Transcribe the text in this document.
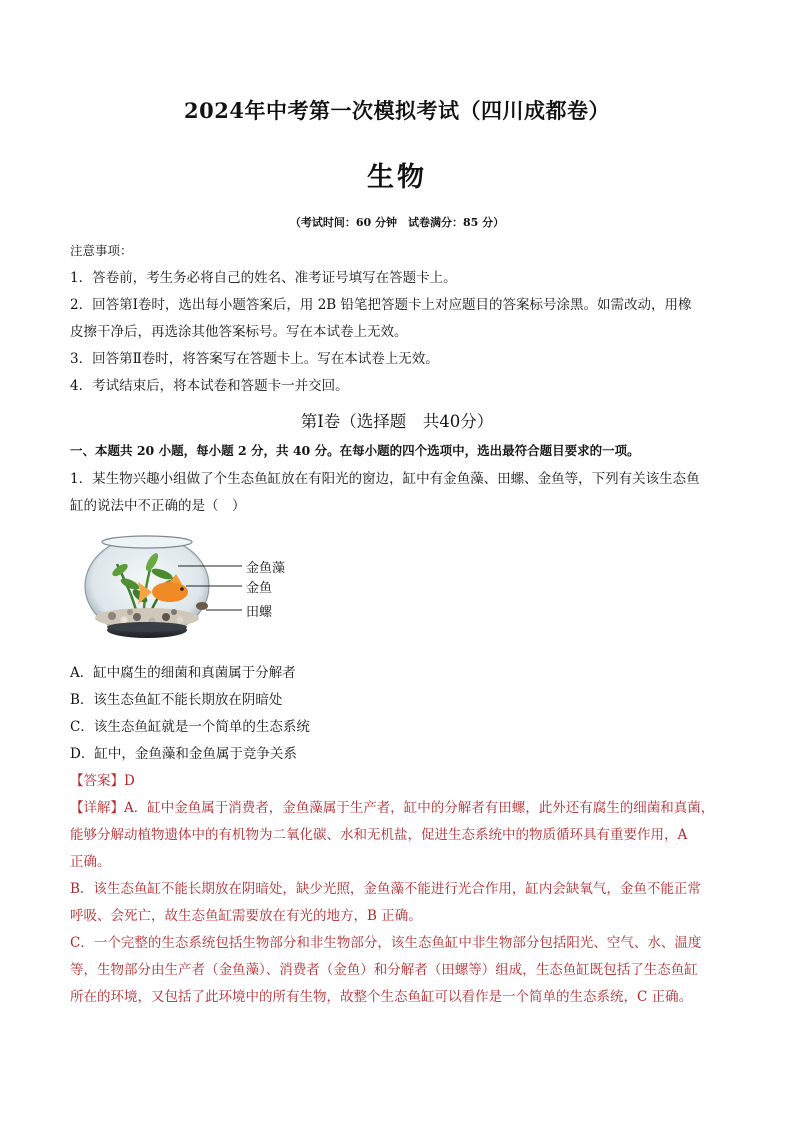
2024年中考第一次模拟考试（四川成都卷）
生物
（考试时间：60 分钟　试卷满分：85 分）
注意事项：
1．答卷前，考生务必将自己的姓名、准考证号填写在答题卡上。
2．回答第Ⅰ卷时，选出每小题答案后，用 2B 铅笔把答题卡上对应题目的答案标号涂黑。如需改动，用橡
皮擦干净后，再选涂其他答案标号。写在本试卷上无效。
3．回答第Ⅱ卷时，将答案写在答题卡上。写在本试卷上无效。
4．考试结束后，将本试卷和答题卡一并交回。
第Ⅰ卷（选择题　共40分）
一、本题共 20 小题，每小题 2 分，共 40 分。在每小题的四个选项中，选出最符合题目要求的一项。
1．某生物兴趣小组做了个生态鱼缸放在有阳光的窗边，缸中有金鱼藻、田螺、金鱼等，下列有关该生态鱼
缸的说法中不正确的是（　）
金鱼藻
金鱼
田螺
A．缸中腐生的细菌和真菌属于分解者
B．该生态鱼缸不能长期放在阴暗处
C．该生态鱼缸就是一个简单的生态系统
D．缸中，金鱼藻和金鱼属于竞争关系
【答案】D
【详解】A．缸中金鱼属于消费者，金鱼藻属于生产者，缸中的分解者有田螺，此外还有腐生的细菌和真菌，
能够分解动植物遗体中的有机物为二氧化碳、水和无机盐，促进生态系统中的物质循环具有重要作用，A
正确。
B．该生态鱼缸不能长期放在阴暗处，缺少光照，金鱼藻不能进行光合作用，缸内会缺氧气，金鱼不能正常
呼吸、会死亡，故生态鱼缸需要放在有光的地方，B 正确。
C．一个完整的生态系统包括生物部分和非生物部分，该生态鱼缸中非生物部分包括阳光、空气、水、温度
等，生物部分由生产者（金鱼藻）、消费者（金鱼）和分解者（田螺等）组成，生态鱼缸既包括了生态鱼缸
所在的环境，又包括了此环境中的所有生物，故整个生态鱼缸可以看作是一个简单的生态系统，C 正确。
